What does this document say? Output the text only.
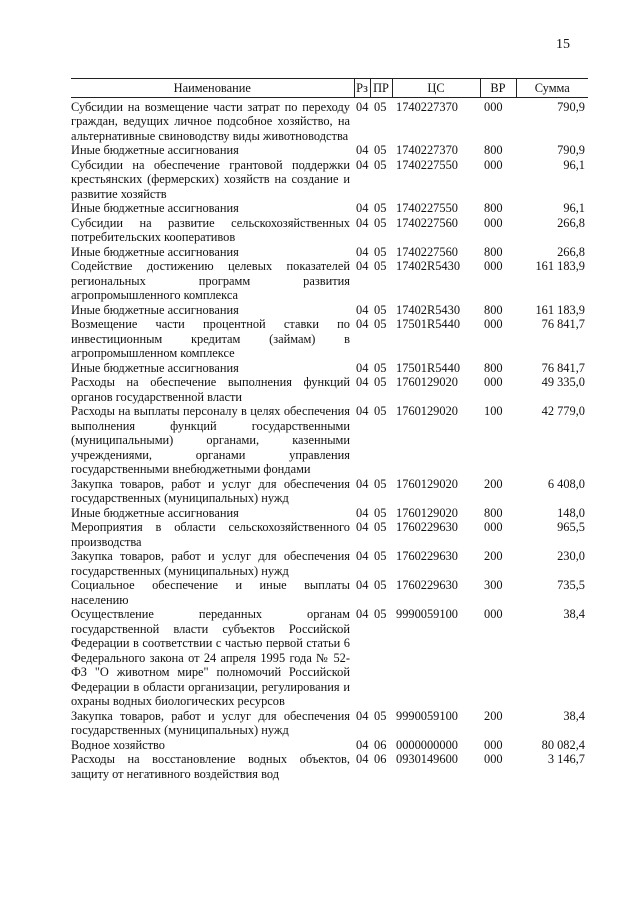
15
Наименование	Рз	ПР	ЦС	ВР	Сумма
Субсидии на возмещение части затрат по переходу граждан, ведущих личное подсобное хозяйство, на альтернативные свиноводству виды животноводства	04	05	1740227370	000	790,9
Иные бюджетные ассигнования	04	05	1740227370	800	790,9
Субсидии на обеспечение грантовой поддержки крестьянских (фермерских) хозяйств на создание и развитие хозяйств	04	05	1740227550	000	96,1
Иные бюджетные ассигнования	04	05	1740227550	800	96,1
Субсидии на развитие сельскохозяйственных потребительских кооперативов	04	05	1740227560	000	266,8
Иные бюджетные ассигнования	04	05	1740227560	800	266,8
Содействие достижению целевых показателей региональных программ развития агропромышленного комплекса	04	05	17402R5430	000	161 183,9
Иные бюджетные ассигнования	04	05	17402R5430	800	161 183,9
Возмещение части процентной ставки по инвестиционным кредитам (займам) в агропромышленном комплексе	04	05	17501R5440	000	76 841,7
Иные бюджетные ассигнования	04	05	17501R5440	800	76 841,7
Расходы на обеспечение выполнения функций органов государственной власти	04	05	1760129020	000	49 335,0
Расходы на выплаты персоналу в целях обеспечения выполнения функций государственными (муниципальными) органами, казенными учреждениями, органами управления государственными внебюджетными фондами	04	05	1760129020	100	42 779,0
Закупка товаров, работ и услуг для обеспечения государственных (муниципальных) нужд	04	05	1760129020	200	6 408,0
Иные бюджетные ассигнования	04	05	1760129020	800	148,0
Мероприятия в области сельскохозяйственного производства	04	05	1760229630	000	965,5
Закупка товаров, работ и услуг для обеспечения государственных (муниципальных) нужд	04	05	1760229630	200	230,0
Социальное обеспечение и иные выплаты населению	04	05	1760229630	300	735,5
Осуществление переданных органам государственной власти субъектов Российской Федерации в соответствии с частью первой статьи 6 Федерального закона от 24 апреля 1995 года № 52-ФЗ "О животном мире" полномочий Российской Федерации в области организации, регулирования и охраны водных биологических ресурсов	04	05	9990059100	000	38,4
Закупка товаров, работ и услуг для обеспечения государственных (муниципальных) нужд	04	05	9990059100	200	38,4
Водное хозяйство	04	06	0000000000	000	80 082,4
Расходы на восстановление водных объектов, защиту от негативного воздействия вод	04	06	0930149600	000	3 146,7
